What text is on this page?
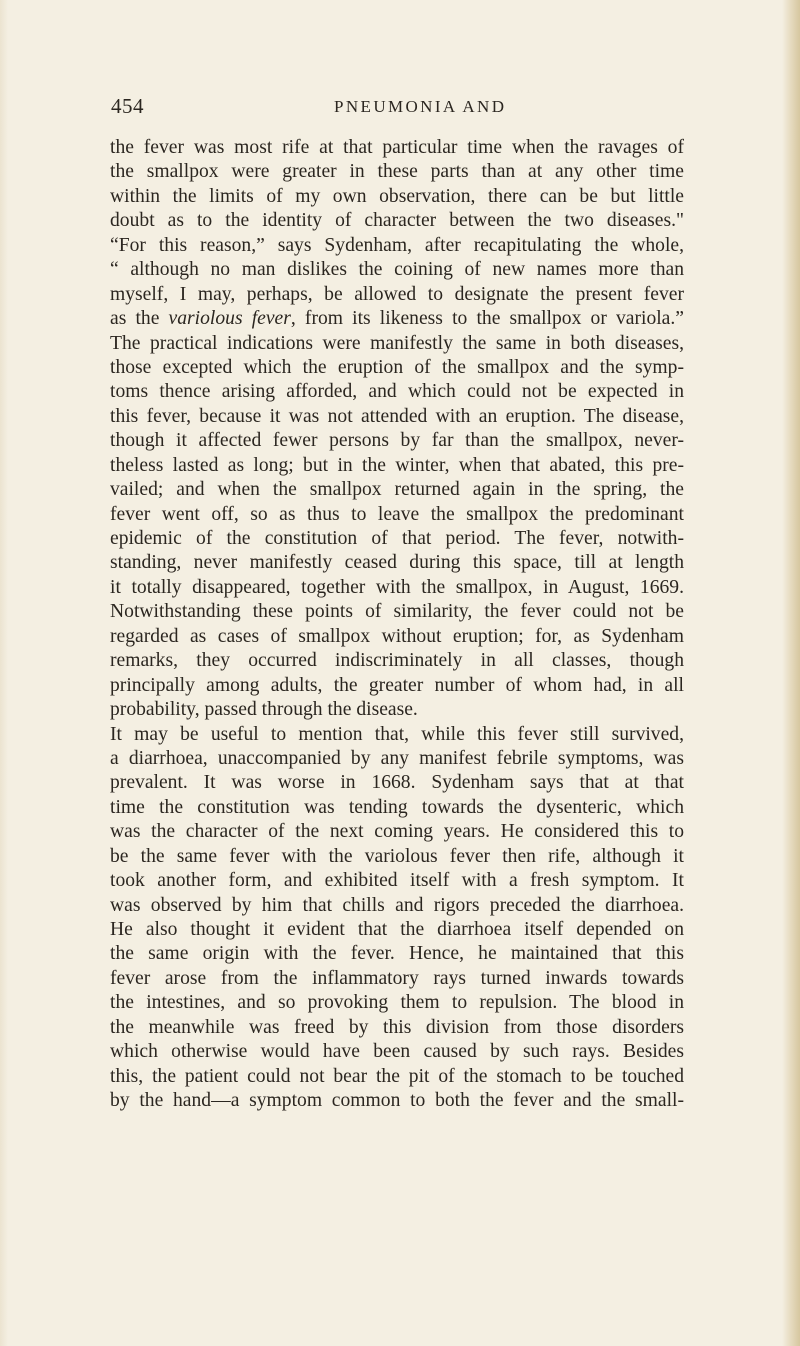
454	PNEUMONIA AND
the fever was most rife at that particular time when the ravages of
the smallpox were greater in these parts than at any other time
within the limits of my own observation, there can be but little
doubt as to the identity of character between the two diseases."
“For this reason,” says Sydenham, after recapitulating the whole,
“ although no man dislikes the coining of new names more than
myself, I may, perhaps, be allowed to designate the present fever
as the variolous fever, from its likeness to the smallpox or variola.”
The practical indications were manifestly the same in both diseases,
those excepted which the eruption of the smallpox and the symp-
toms thence arising afforded, and which could not be expected in
this fever, because it was not attended with an eruption. The disease,
though it affected fewer persons by far than the smallpox, never-
theless lasted as long; but in the winter, when that abated, this pre-
vailed; and when the smallpox returned again in the spring, the
fever went off, so as thus to leave the smallpox the predominant
epidemic of the constitution of that period. The fever, notwith-
standing, never manifestly ceased during this space, till at length
it totally disappeared, together with the smallpox, in August, 1669.
Notwithstanding these points of similarity, the fever could not be
regarded as cases of smallpox without eruption; for, as Sydenham
remarks, they occurred indiscriminately in all classes, though
principally among adults, the greater number of whom had, in all
probability, passed through the disease.
It may be useful to mention that, while this fever still survived,
a diarrhoea, unaccompanied by any manifest febrile symptoms, was
prevalent. It was worse in 1668. Sydenham says that at that
time the constitution was tending towards the dysenteric, which
was the character of the next coming years. He considered this to
be the same fever with the variolous fever then rife, although it
took another form, and exhibited itself with a fresh symptom. It
was observed by him that chills and rigors preceded the diarrhoea.
He also thought it evident that the diarrhoea itself depended on
the same origin with the fever. Hence, he maintained that this
fever arose from the inflammatory rays turned inwards towards
the intestines, and so provoking them to repulsion. The blood in
the meanwhile was freed by this division from those disorders
which otherwise would have been caused by such rays. Besides
this, the patient could not bear the pit of the stomach to be touched
by the hand—a symptom common to both the fever and the small-
